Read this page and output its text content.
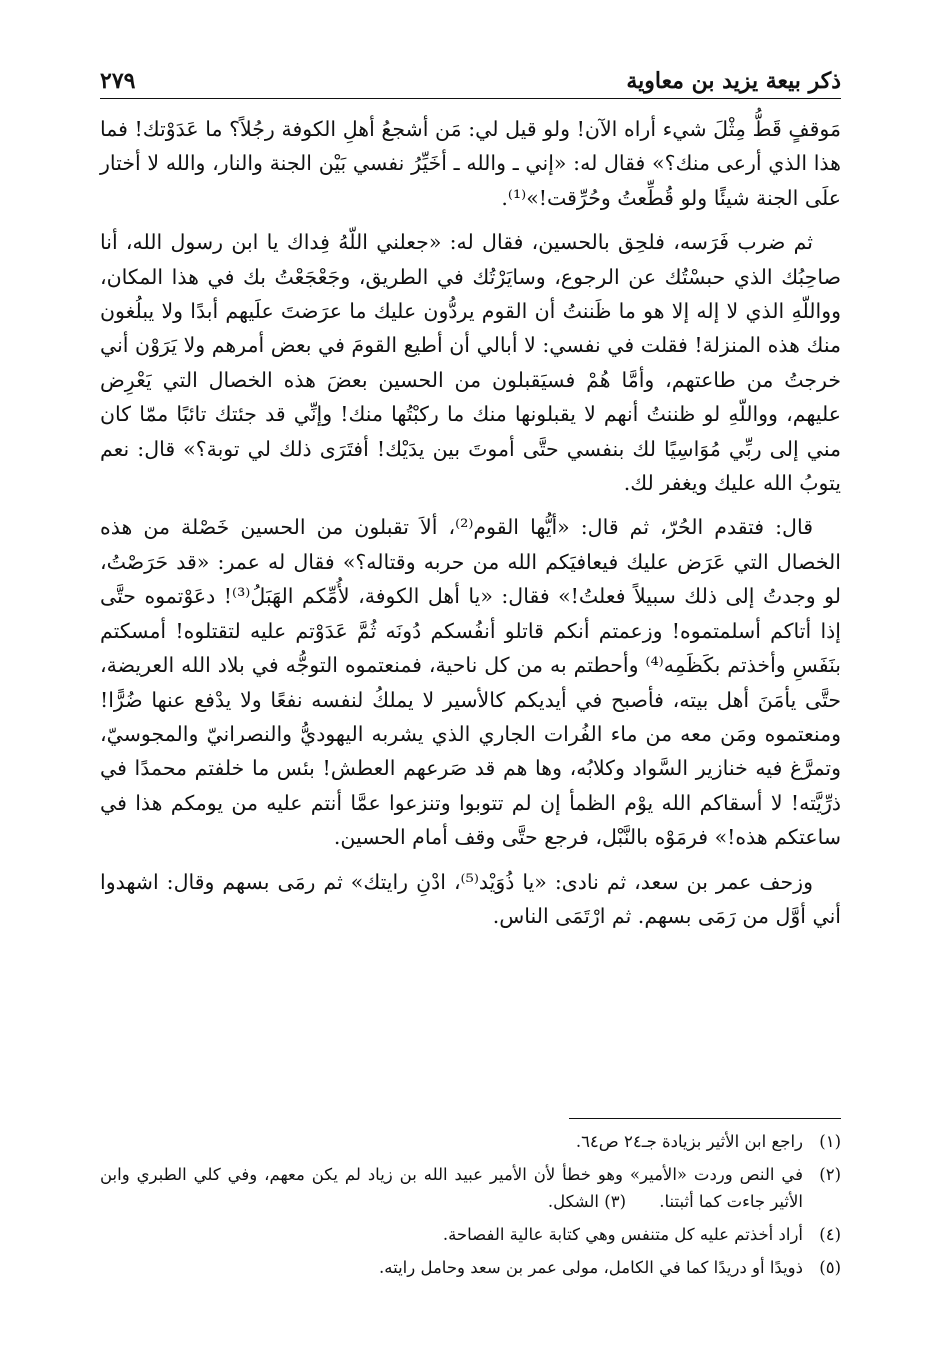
ذكر بيعة يزيد بن معاوية
٢٧٩

مَوقفٍ قَطُّ مِثْلَ شيء أراه الآن! ولو قيل لي: مَن أشجعُ أهلِ الكوفة رجُلاً؟ ما عَدَوْتك! فما هذا الذي أرعى منك؟» فقال له: «إني ـ والله ـ أخَيِّرُ نفسي بَيْن الجنة والنار، والله لا أختار علَى الجنة شيئًا ولو قُطِّعتُ وحُرِّقت!»⁽¹⁾.

ثم ضرب فَرَسه، فلحِق بالحسين، فقال له: «جعلني اللّهُ فِداك يا ابن رسول الله، أنا صاحِبُك الذي حبسْتُك عن الرجوع، وسايَرْتُك في الطريق، وجَعْجَعْتُ بك في هذا المكان، وواللّهِ الذي لا إله إلا هو ما ظَننتُ أن القوم يردُّون عليك ما عرَضتَ علَيهم أبدًا ولا يبلُغون منك هذه المنزلة! فقلت في نفسي: لا أبالي أن أطيع القومَ في بعض أمرهم ولا يَرَوْن أني خرجتُ من طاعتهم، وأمَّا هُمْ فسيَقبلون من الحسين بعضَ هذه الخصال التي يَعْرِض عليهم، وواللّهِ لو ظننتُ أنهم لا يقبلونها منك ما ركبْتُها منك! وإنِّي قد جئتك تائبًا ممّا كان مني إلى ربِّي مُوَاسِيًا لك بنفسي حتَّى أموتَ بين يدَيْك! أفتَرَى ذلك لي توبة؟» قال: نعم يتوبُ الله عليك ويغفر لك.

قال: فتقدم الحُرّ، ثم قال: «أيُّها القوم⁽²⁾، ألاَ تقبلون من الحسين خَصْلة من هذه الخصال التي عَرَض عليك فيعافيَكم الله من حربه وقتاله؟» فقال له عمر: «قد حَرَصْتُ، لو وجدتُ إلى ذلك سبيلاً فعلتُ!» فقال: «يا أهل الكوفة، لأُمِّكم الهَبَلُ⁽³⁾! دعَوْتموه حتَّى إذا أتاكم أسلمتموه! وزعمتم أنكم قاتلو أنفُسكم دُونَه ثُمَّ عَدَوْتم عليه لتقتلوه! أمسكتم بنَفَسِ وأخذتم بكَظَمِه⁽⁴⁾ وأحطتم به من كل ناحية، فمنعتموه التوجُّه في بلاد الله العريضة، حتَّى يأمَنَ أهل بيته، فأصبح في أيديكم كالأسير لا يملكُ لنفسه نفعًا ولا يدْفع عنها ضُرًّا! ومنعتموه ومَن معه من ماء الفُرات الجاري الذي يشربه اليهوديُّ والنصرانيّ والمجوسيّ، وتمرَّغ فيه خنازير السَّواد وكلابُه، وها هم قد صَرعهم العطش! بئس ما خلفتم محمدًا في ذرِّيَّته! لا أسقاكم الله يوْم الظمأ إن لم تتوبوا وتنزعوا عمَّا أنتم عليه من يومكم هذا في ساعتكم هذه!» فرمَوْه بالنَّبْل، فرجع حتَّى وقف أمام الحسين.

وزحف عمر بن سعد، ثم نادى: «يا ذُوَيْد⁽⁵⁾، ادْنِ رايتك» ثم رمَى بسهم وقال: اشهدوا أني أوَّل من رَمَى بسهم. ثم ارْتَمَى الناس.

(١)
راجع ابن الأثير بزيادة جـ٢٤ ص٦٤.
(٢)
في النص وردت «الأمير» وهو خطأ لأن الأمير عبيد الله بن زياد لم يكن معهم، وفي كلي الطبري وابن الأثير جاءت كما أثبتنا. (٣) الشكل.
(٤)
أراد أخذتم عليه كل متنفس وهي كتابة عالية الفصاحة.
(٥)
ذويدًا أو دريدًا كما في الكامل، مولى عمر بن سعد وحامل رايته.
